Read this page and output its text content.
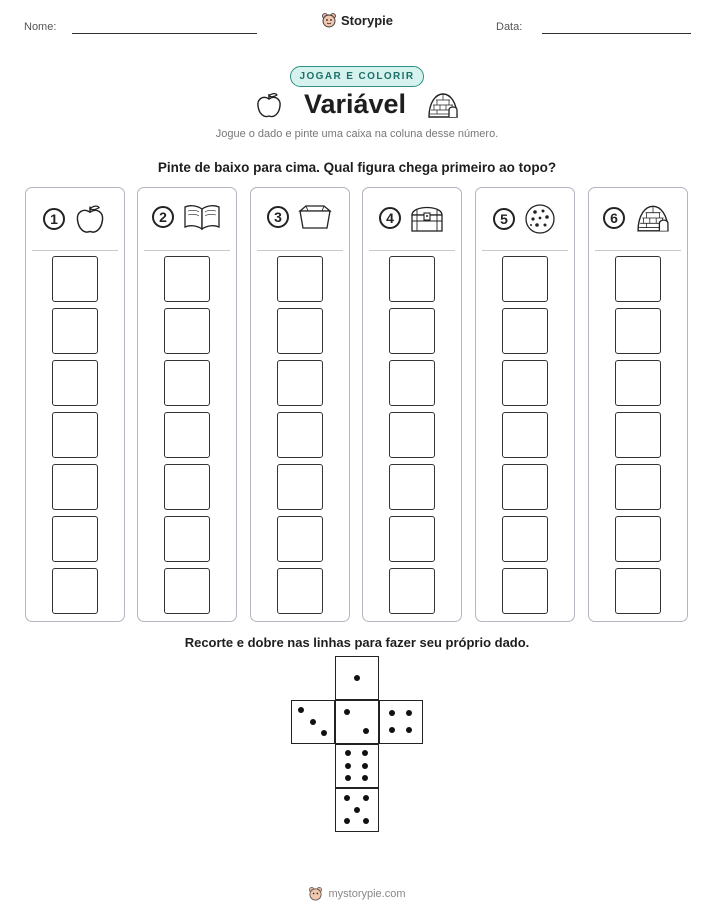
Nome:	Data:
Storypie
JOGAR E COLORIR
Variável
Jogue o dado e pinte uma caixa na coluna desse número.
Pinte de baixo para cima. Qual figura chega primeiro ao topo?
1	2	3	4	5	6
Recorte e dobre nas linhas para fazer seu próprio dado.
mystorypie.com
